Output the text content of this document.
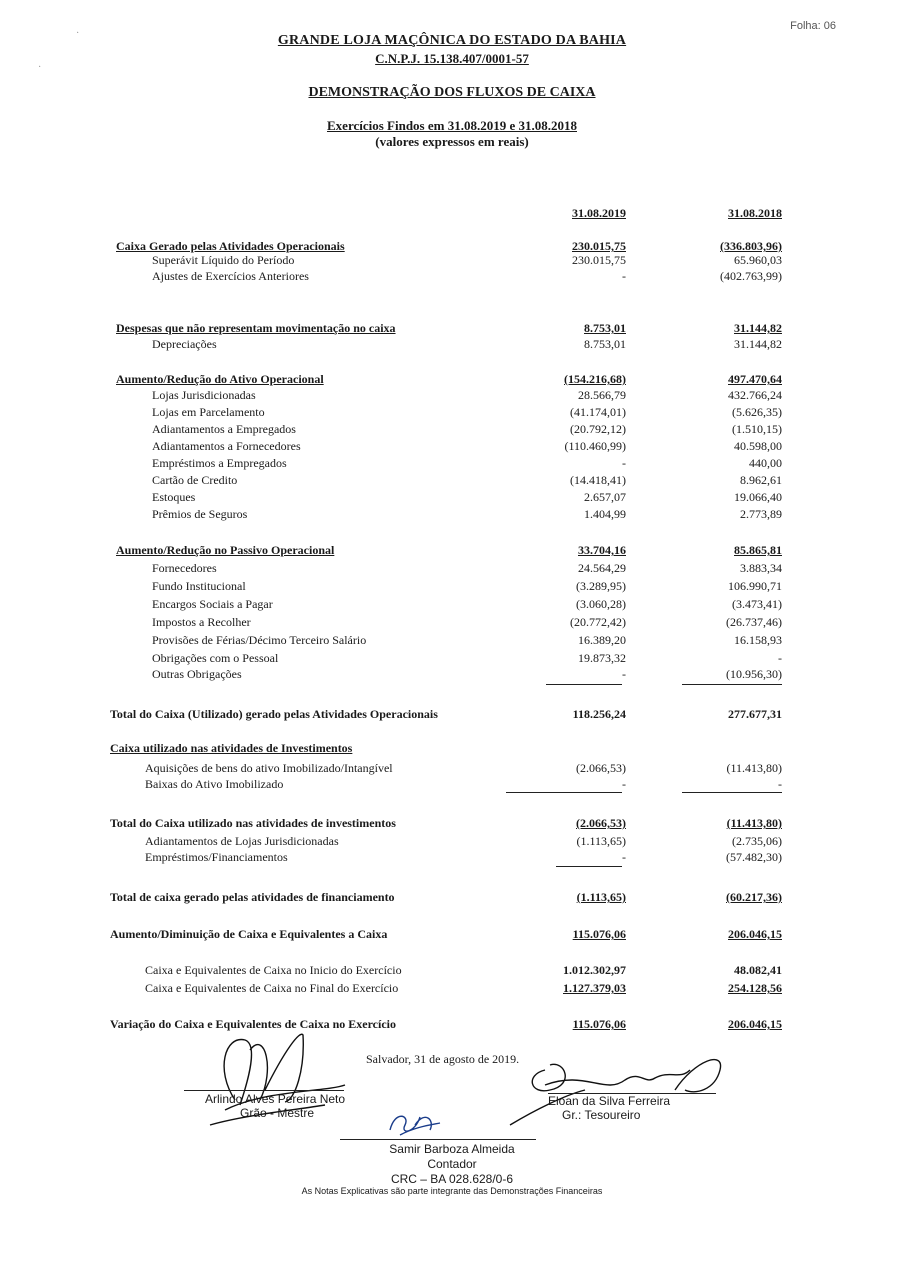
·
·
Folha: 06
GRANDE LOJA MAÇÔNICA DO ESTADO DA BAHIA
C.N.P.J. 15.138.407/0001-57
DEMONSTRAÇÃO DOS FLUXOS DE CAIXA
Exercícios Findos em 31.08.2019 e 31.08.2018
(valores expressos em reais)
31.08.2019	31.08.2018
Caixa Gerado pelas Atividades Operacionais	230.015,75	(336.803,96)
Superávit Líquido do Período	230.015,75	65.960,03
Ajustes de Exercícios Anteriores	-	(402.763,99)
Despesas que não representam movimentação no caixa	8.753,01	31.144,82
Depreciações	8.753,01	31.144,82
Aumento/Redução do Ativo Operacional	(154.216,68)	497.470,64
Lojas Jurisdicionadas	28.566,79	432.766,24
Lojas em Parcelamento	(41.174,01)	(5.626,35)
Adiantamentos a Empregados	(20.792,12)	(1.510,15)
Adiantamentos a Fornecedores	(110.460,99)	40.598,00
Empréstimos a Empregados	-	440,00
Cartão de Credito	(14.418,41)	8.962,61
Estoques	2.657,07	19.066,40
Prêmios de Seguros	1.404,99	2.773,89
Aumento/Redução no Passivo Operacional	33.704,16	85.865,81
Fornecedores	24.564,29	3.883,34
Fundo Institucional	(3.289,95)	106.990,71
Encargos Sociais a Pagar	(3.060,28)	(3.473,41)
Impostos a Recolher	(20.772,42)	(26.737,46)
Provisões de Férias/Décimo Terceiro Salário	16.389,20	16.158,93
Obrigações com o Pessoal	19.873,32	-
Outras Obrigações	-	(10.956,30)
Total do Caixa (Utilizado) gerado pelas Atividades Operacionais	118.256,24	277.677,31
Caixa utilizado nas atividades de Investimentos
Aquisições de bens do ativo Imobilizado/Intangível	(2.066,53)	(11.413,80)
Baixas do Ativo Imobilizado	-	-
Total do Caixa utilizado nas atividades de investimentos	(2.066,53)	(11.413,80)
Adiantamentos de Lojas Jurisdicionadas	(1.113,65)	(2.735,06)
Empréstimos/Financiamentos	-	(57.482,30)
Total de caixa gerado pelas atividades de financiamento	(1.113,65)	(60.217,36)
Aumento/Diminuição de Caixa e Equivalentes a Caixa	115.076,06	206.046,15
Caixa e Equivalentes de Caixa no Inicio do Exercício	1.012.302,97	48.082,41
Caixa e Equivalentes de Caixa no Final do Exercício	1.127.379,03	254.128,56
Variação do Caixa e Equivalentes de Caixa no Exercício	115.076,06	206.046,15
Salvador, 31 de agosto de 2019.
Arlindo Alves Pereira Neto
Grão - Mestre
Eloan da Silva Ferreira
Gr.: Tesoureiro
Samir Barboza Almeida
Contador
CRC – BA 028.628/0-6
As Notas Explicativas são parte integrante das Demonstrações Financeiras
